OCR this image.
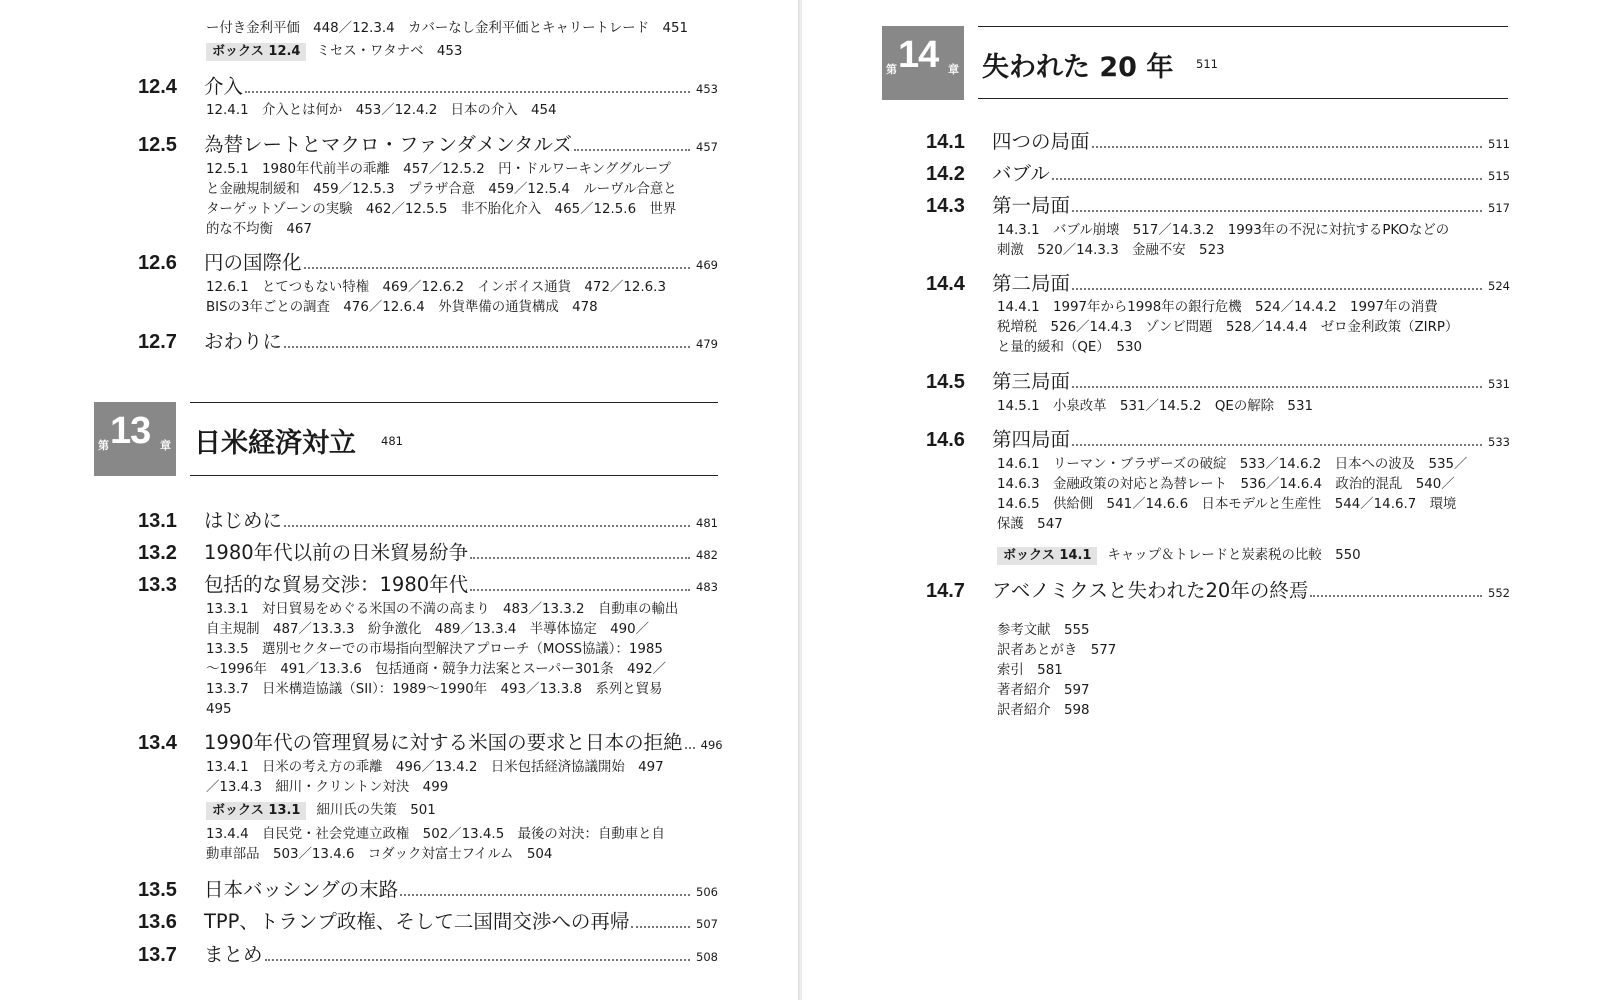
ー付き金利平価　448／12.3.4　カバーなし金利平価とキャリートレード　451
ボックス 12.4 ミセス・ワタナベ　453
12.4	介入	453
12.4.1　介入とは何か　453／12.4.2　日本の介入　454
12.5	為替レートとマクロ・ファンダメンタルズ	457
12.5.1　1980年代前半の乖離　457／12.5.2　円・ドルワーキンググループ
と金融規制緩和　459／12.5.3　プラザ合意　459／12.5.4　ルーヴル合意と
ターゲットゾーンの実験　462／12.5.5　非不胎化介入　465／12.5.6　世界
的な不均衡　467
12.6	円の国際化	469
12.6.1　とてつもない特権　469／12.6.2　インボイス通貨　472／12.6.3
BISの3年ごとの調査　476／12.6.4　外貨準備の通貨構成　478
12.7	おわりに	479
第 13 章 日米経済対立 481
13.1	はじめに	481
13.2	1980年代以前の日米貿易紛争	482
13.3	包括的な貿易交渉：1980年代	483
13.3.1　対日貿易をめぐる米国の不満の高まり　483／13.3.2　自動車の輸出
自主規制　487／13.3.3　紛争激化　489／13.3.4　半導体協定　490／
13.3.5　選別セクターでの市場指向型解決アプローチ（MOSS協議）：1985
～1996年　491／13.3.6　包括通商・競争力法案とスーパー301条　492／
13.3.7　日米構造協議（SII）：1989～1990年　493／13.3.8　系列と貿易
495
13.4	1990年代の管理貿易に対する米国の要求と日本の拒絶 496
13.4.1　日米の考え方の乖離　496／13.4.2　日米包括経済協議開始　497
／13.4.3　細川・クリントン対決　499
ボックス 13.1 細川氏の失策　501
13.4.4　自民党・社会党連立政権　502／13.4.5　最後の対決：自動車と自
動車部品　503／13.4.6　コダック対富士フイルム　504
13.5	日本バッシングの末路	506
13.6	TPP、トランプ政権、そして二国間交渉への再帰	507
13.7	まとめ	508
第 14 章 失われた 20 年 511
14.1	四つの局面	511
14.2	バブル	515
14.3	第一局面	517
14.3.1　バブル崩壊　517／14.3.2　1993年の不況に対抗するPKOなどの
刺激　520／14.3.3　金融不安　523
14.4	第二局面	524
14.4.1　1997年から1998年の銀行危機　524／14.4.2　1997年の消費
税増税　526／14.4.3　ゾンビ問題　528／14.4.4　ゼロ金利政策（ZIRP）
と量的緩和（QE）　530
14.5	第三局面	531
14.5.1　小泉改革　531／14.5.2　QEの解除　531
14.6	第四局面	533
14.6.1　リーマン・ブラザーズの破綻　533／14.6.2　日本への波及　535／
14.6.3　金融政策の対応と為替レート　536／14.6.4　政治的混乱　540／
14.6.5　供給側　541／14.6.6　日本モデルと生産性　544／14.6.7　環境
保護　547
ボックス 14.1 キャップ＆トレードと炭素税の比較　550
14.7	アベノミクスと失われた20年の終焉	552
参考文献　555
訳者あとがき　577
索引　581
著者紹介　597
訳者紹介　598
